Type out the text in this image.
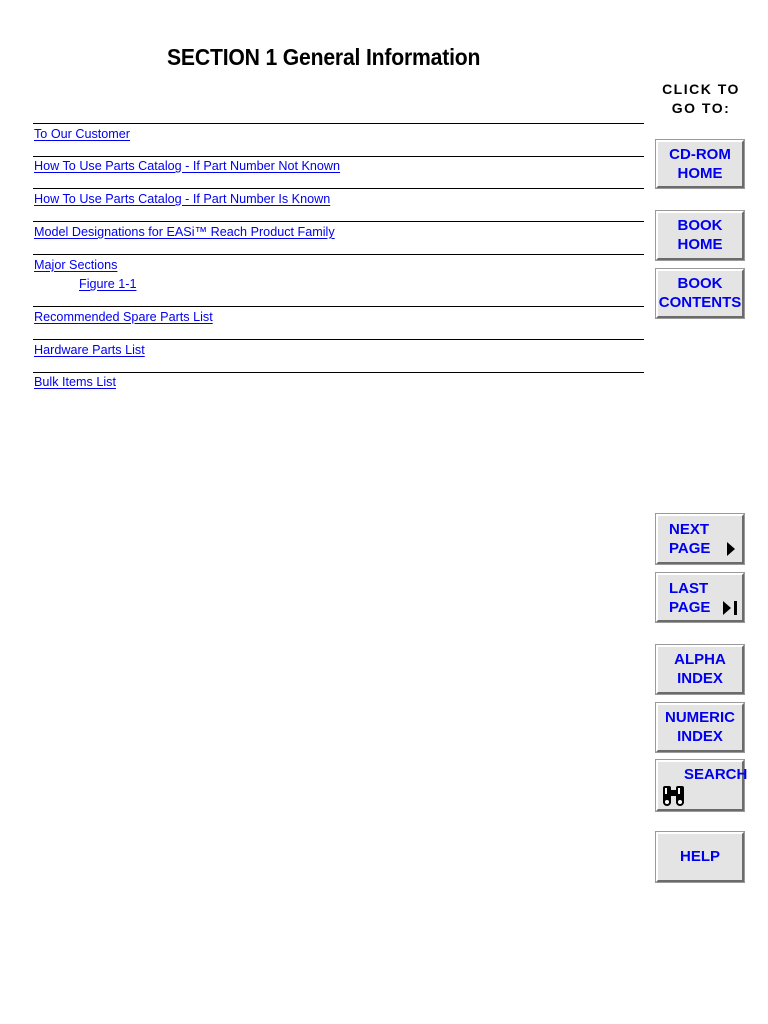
SECTION 1 General Information
CLICK TO
GO TO:
To Our Customer
How To Use Parts Catalog - If Part Number Not Known
How To Use Parts Catalog - If Part Number Is Known
Model Designations for EASi™ Reach Product Family
Major Sections
Figure 1-1
Recommended Spare Parts List
Hardware Parts List
Bulk Items List
CD-ROM
HOME
BOOK
HOME
BOOK
CONTENTS
NEXT
PAGE
LAST
PAGE
ALPHA
INDEX
NUMERIC
INDEX
SEARCH
HELP
